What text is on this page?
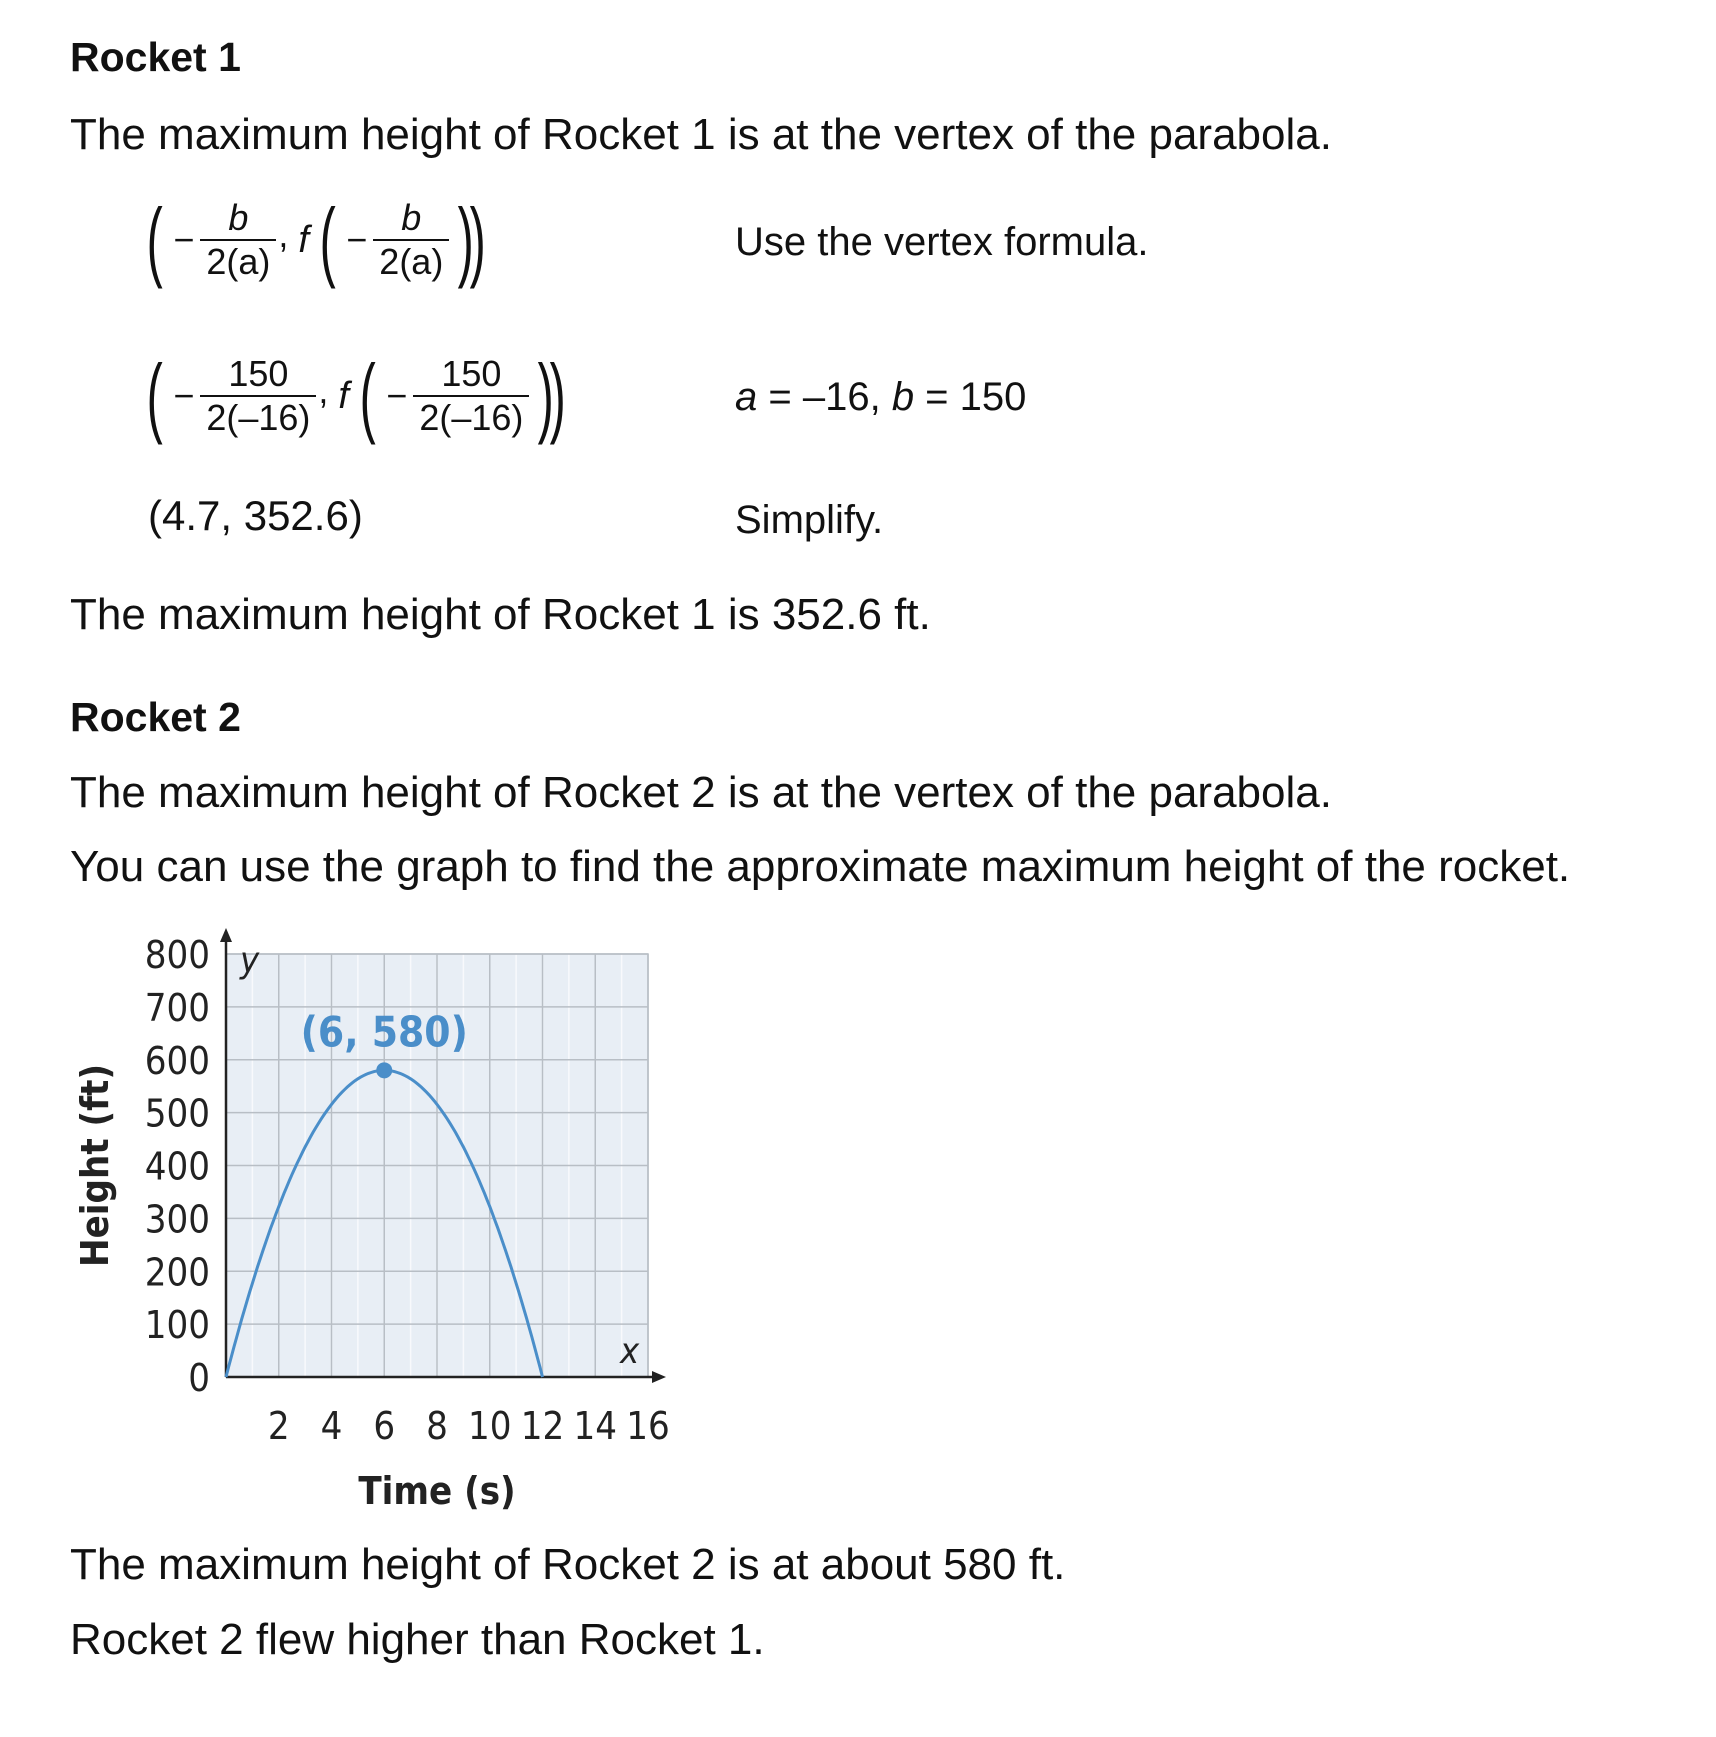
Rocket 1
The maximum height of Rocket 1 is at the vertex of the parabola.
( − $\frac{b}{2(a)}$ , f ( − $\frac{b}{2(a)}$ )
)	Use the vertex formula.
( − $\frac{150}{2(-16)}$ , f ( − $\frac{150}{2(-16)}$ )
)	a = –16, b = 150
(4.7, 352.6)	Simplify.
The maximum height of Rocket 1 is 352.6 ft.
Rocket 2
The maximum height of Rocket 2 is at the vertex of the parabola.
You can use the graph to find the approximate maximum height of the rocket.
y
x
0
100
200
300
400
500
600
700
800
2 4 6 8 10 12 14 16
Time (s)
Height (ft)
(6, 580)
The maximum height of Rocket 2 is at about 580 ft.
Rocket 2 flew higher than Rocket 1.
